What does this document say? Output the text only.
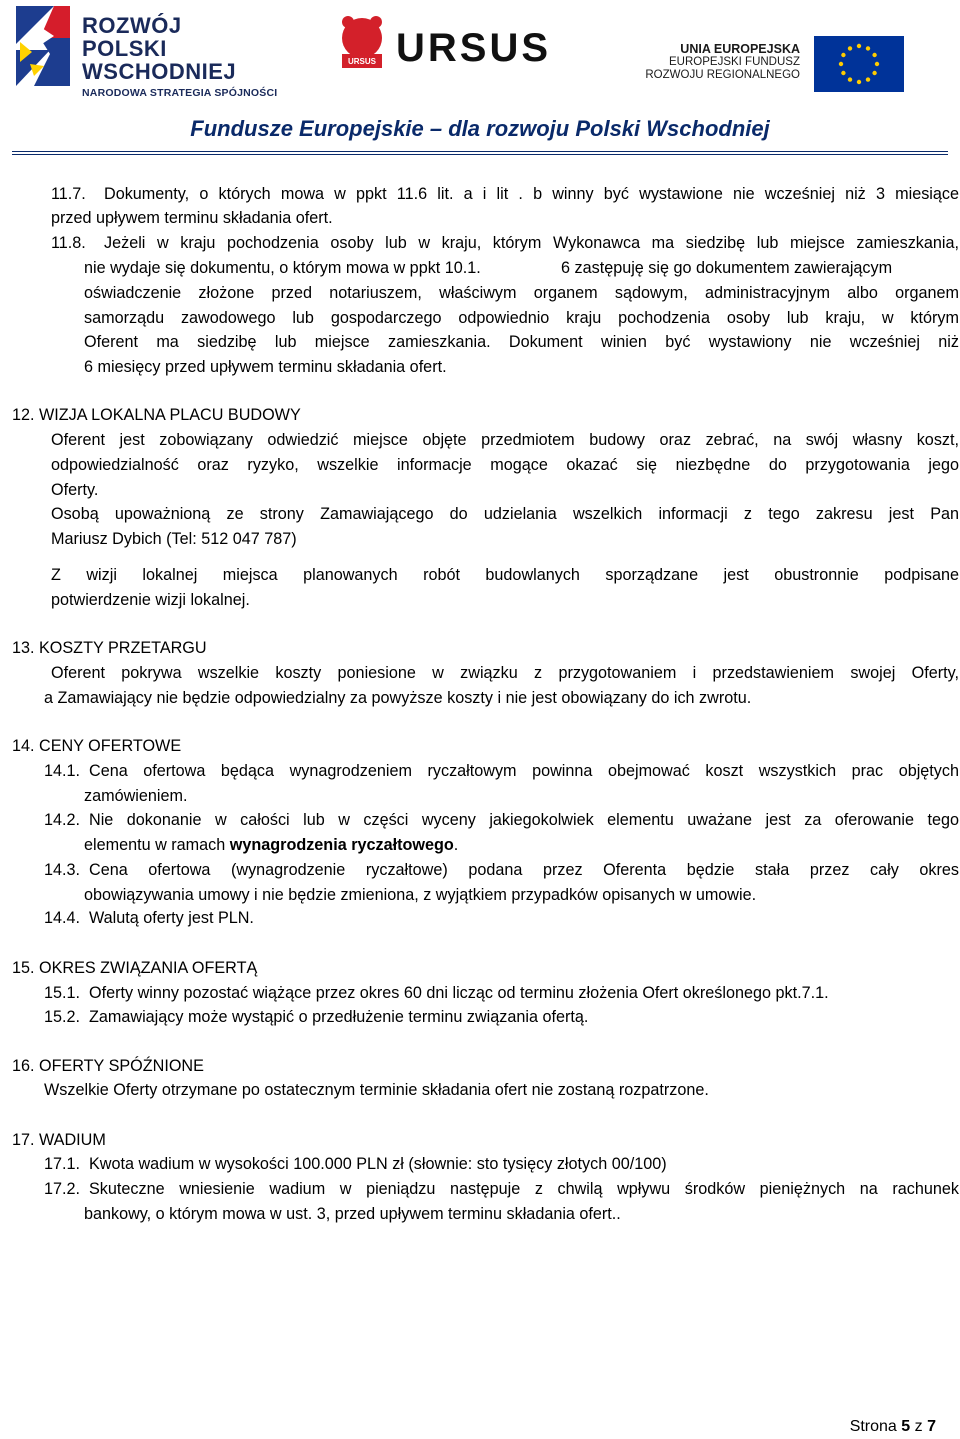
ROZWÓJ
POLSKI WSCHODNIEJ
NARODOWA STRATEGIA SPÓJNOŚCI
URSUS URSUS	UNIA EUROPEJSKA
EUROPEJSKI FUNDUSZ
ROZWOJU REGIONALNEGO
Fundusze Europejskie – dla rozwoju Polski Wschodniej
11.7. Dokumenty, o których mowa w ppkt 11.6 lit. a i lit . b winny być wystawione nie wcześniej niż 3 miesiące
przed upływem terminu składania ofert.
11.8. Jeżeli w kraju pochodzenia osoby lub w kraju, którym Wykonawca ma siedzibę lub miejsce zamieszkania,
nie wydaje się dokumentu, o którym mowa w ppkt 10.1.	6 zastępuję się go dokumentem zawierającym
oświadczenie złożone przed notariuszem, właściwym organem sądowym, administracyjnym albo organem
samorządu zawodowego lub gospodarczego odpowiednio kraju pochodzenia osoby lub kraju, w którym
Oferent ma siedzibę lub miejsce zamieszkania. Dokument winien być wystawiony nie wcześniej niż
6 miesięcy przed upływem terminu składania ofert.
12. WIZJA LOKALNA PLACU BUDOWY
Oferent jest zobowiązany odwiedzić miejsce objęte przedmiotem budowy oraz zebrać, na swój własny koszt,
odpowiedzialność oraz ryzyko, wszelkie informacje mogące okazać się niezbędne do przygotowania jego
Oferty.
Osobą upoważnioną ze strony Zamawiającego do udzielania wszelkich informacji z tego zakresu jest Pan
Mariusz Dybich (Tel: 512 047 787)
Z wizji lokalnej miejsca planowanych robót budowlanych sporządzane jest obustronnie podpisane
potwierdzenie wizji lokalnej.
13. KOSZTY PRZETARGU
Oferent pokrywa wszelkie koszty poniesione w związku z przygotowaniem i przedstawieniem swojej Oferty,
a Zamawiający nie będzie odpowiedzialny za powyższe koszty i nie jest obowiązany do ich zwrotu.
14. CENY OFERTOWE
14.1. Cena ofertowa będąca wynagrodzeniem ryczałtowym powinna obejmować koszt wszystkich prac objętych
zamówieniem.
14.2. Nie dokonanie w całości lub w części wyceny jakiegokolwiek elementu uważane jest za oferowanie tego
elementu w ramach wynagrodzenia ryczałtowego.
14.3. Cena ofertowa (wynagrodzenie ryczałtowe) podana przez Oferenta będzie stała przez cały okres
obowiązywania umowy i nie będzie zmieniona, z wyjątkiem przypadków opisanych w umowie.
14.4. Walutą oferty jest PLN.
15. OKRES ZWIĄZANIA OFERTĄ
15.1. Oferty winny pozostać wiążące przez okres 60 dni licząc od terminu złożenia Ofert określonego pkt.7.1.
15.2. Zamawiający może wystąpić o przedłużenie terminu związania ofertą.
16. OFERTY SPÓŹNIONE
Wszelkie Oferty otrzymane po ostatecznym terminie składania ofert nie zostaną rozpatrzone.
17. WADIUM
17.1. Kwota wadium w wysokości 100.000 PLN zł (słownie: sto tysięcy złotych 00/100)
17.2. Skuteczne wniesienie wadium w pieniądzu następuje z chwilą wpływu środków pieniężnych na rachunek
bankowy, o którym mowa w ust. 3, przed upływem terminu składania ofert..
Strona 5 z 7
